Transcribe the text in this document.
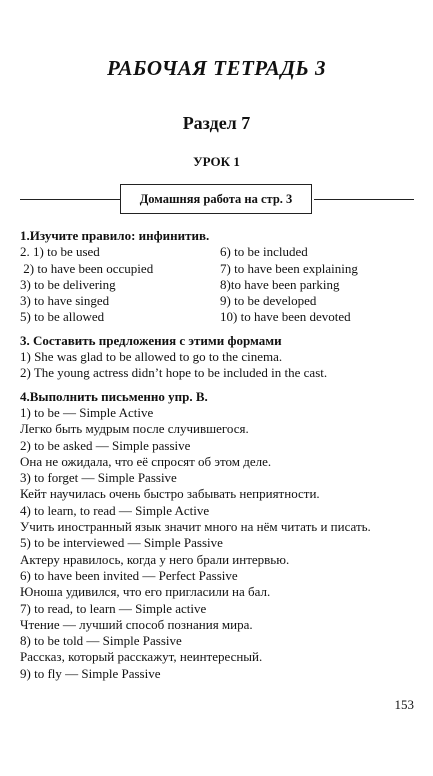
РАБОЧАЯ ТЕТРАДЬ 3
Раздел 7
УРОК 1
Домашняя работа на стр. 3
1.Изучите правило: инфинитив.
2. 1) to be used	6) to be included
2) to have been occupied	7) to have been explaining
3) to be delivering	8)to have been parking
3) to have singed	9) to be developed
5) to be allowed	10) to have been devoted
3. Составить предложения с этими формами
1) She was glad to be allowed to go to the cinema.
2) The young actress didn’t hope to be included in the cast.
4.Выполнить письменно упр. В.
1) to be — Simple Active
Легко быть мудрым после случившегося.
2) to be asked — Simple passive
Она не ожидала, что её спросят об этом деле.
3) to forget — Simple Passive
Кейт научилась очень быстро забывать неприятности.
4) to learn, to read — Simple Active
Учить иностранный язык значит много на нём читать и писать.
5) to be interviewed — Simple Passive
Актеру нравилось, когда у него брали интервью.
6) to have been invited — Perfect Passive
Юноша удивился, что его пригласили на бал.
7) to read, to learn — Simple active
Чтение — лучший способ познания мира.
8) to be told — Simple Passive
Рассказ, который расскажут, неинтересный.
9) to fly — Simple Passive
153
